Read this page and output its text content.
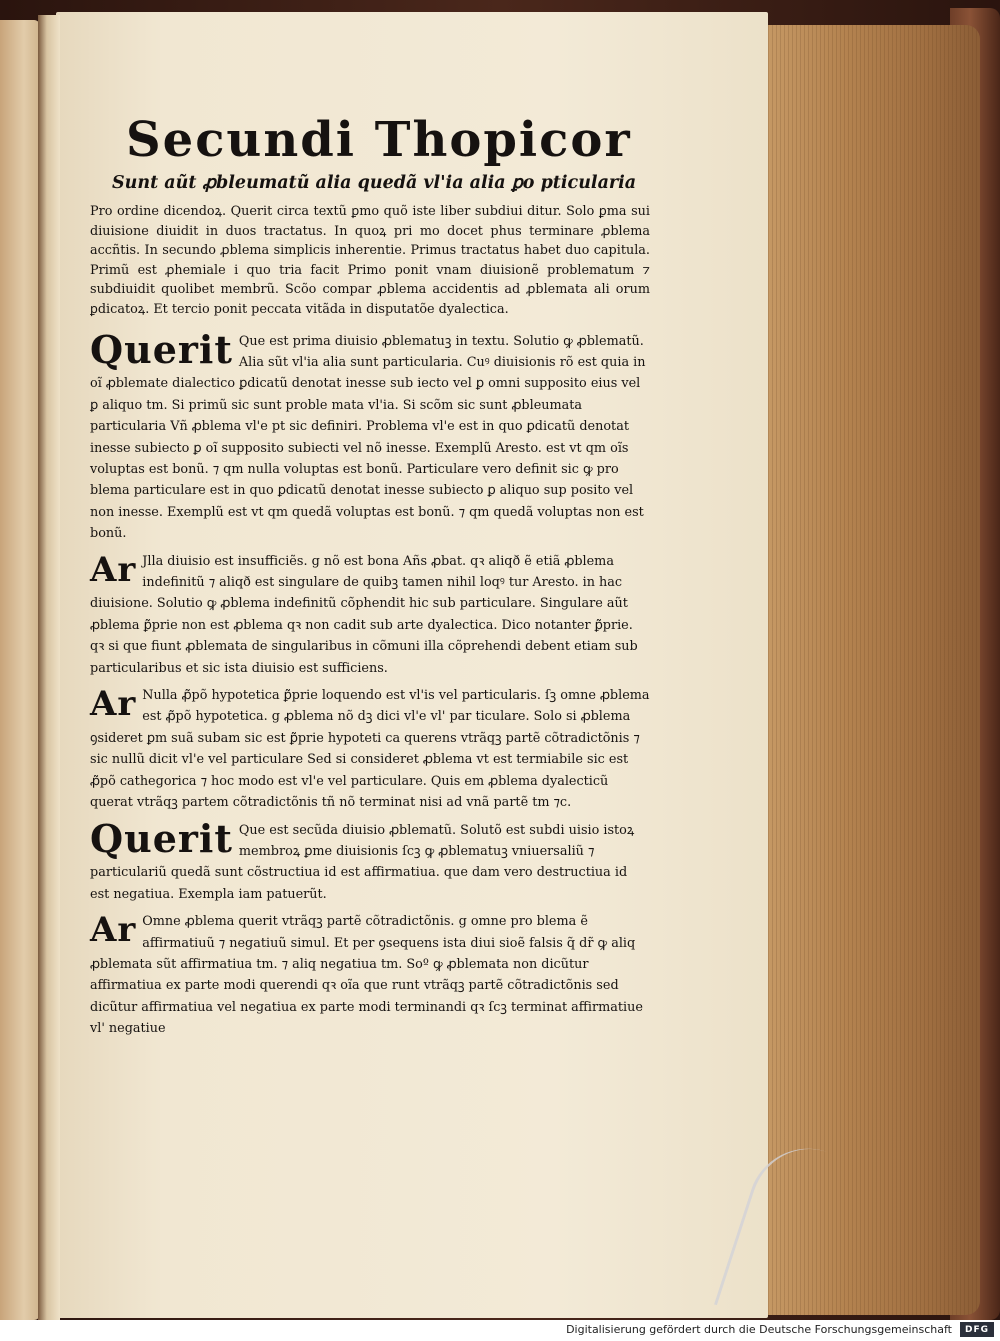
Secundi Thopicor
Sunt aũt ꝓbleumatũ alia quedã vl'ia alia ꝑo pticularia
Pro ordine dicendoꝝ. Querit circa textũ ꝑmo quõ iste liber subdiui ditur. Solo ꝑma sui diuisione diuidit in duos tractatus. In quoꝝ pri mo docet phus terminare ꝓblema accñtis. In secundo ꝓblema simplicis inherentie. Primus tractatus habet duo capitula. Primũ est ꝓhemiale i quo tria facit Primo ponit vnam diuisionẽ problematum ⁊ subdiuidit quolibet membrũ. Scõo compar ꝓblema accidentis ad ꝓblemata ali orum ꝑdicatoꝝ. Et tercio ponit peccata vitãda in disputatõe dyalectica.
Querit Que est prima diuisio ꝓblematuꝫ in textu. Solutio ꝙ ꝓblematũ. Alia sũt vl'ia alia sunt particularia. Cuꝰ diuisionis rõ est quia in oĩ ꝓblemate dialectico ꝑdicatũ denotat inesse sub iecto vel ꝑ omni supposito eius vel ꝑ aliquo tm. Si primũ sic sunt proble mata vl'ia. Si scõm sic sunt ꝓbleumata particularia Vñ ꝓblema vl'e pt sic definiri. Problema vl'e est in quo ꝑdicatũ denotat inesse subiecto ꝑ oĩ supposito subiecti vel nõ inesse. Exemplũ Aresto. est vt qm oĩs voluptas est bonũ. ⁊ qm nulla voluptas est bonũ. Particulare vero definit sic ꝙ pro blema particulare est in quo ꝑdicatũ denotat inesse subiecto ꝑ aliquo sup posito vel non inesse. Exemplũ est vt qm quedã voluptas est bonũ. ⁊ qm quedã voluptas non est bonũ.
Ar Jlla diuisio est insufficiẽs. g nõ est bona Añs ꝓbat. qꝛ aliqð ẽ etiã ꝓblema indefinitũ ⁊ aliqð est singulare de quibꝫ tamen nihil loqꝰ tur Aresto. in hac diuisione. Solutio ꝙ ꝓblema indefinitũ cõphendit hic sub particulare. Singulare aũt ꝓblema ꝑ̃prie non est ꝓblema qꝛ non cadit sub arte dyalectica. Dico notanter ꝑ̃prie. qꝛ si que fiunt ꝓblemata de singularibus in cõmuni illa cõprehendi debent etiam sub particularibus et sic ista diuisio est sufficiens.
Ar Nulla ꝓ̃põ hypotetica ꝑ̃prie loquendo est vl'is vel particularis. ſꝫ omne ꝓblema est ꝓ̃põ hypotetica. g ꝓblema nõ dꝫ dici vl'e vl' par ticulare. Solo si ꝓblema ꝯsideret ꝑm suã subam sic est ꝑ̃prie hypoteti ca querens vtrãqꝫ partẽ cõtradictõnis ⁊ sic nullũ dicit vl'e vel particulare Sed si consideret ꝓblema vt est termiabile sic est ꝓ̃põ cathegorica ⁊ hoc modo est vl'e vel particulare. Quis em ꝓblema dyalecticũ querat vtrãqꝫ partem cõtradictõnis tñ nõ terminat nisi ad vnã partẽ tm ⁊c.
Querit Que est secũda diuisio ꝓblematũ. Solutõ est subdi uisio istoꝝ membroꝝ ꝑme diuisionis ſcꝫ ꝙ ꝓblematuꝫ vniuersaliũ ⁊ particulariũ quedã sunt cõstructiua id est affirmatiua. que dam vero destructiua id est negatiua. Exempla iam patuerũt.
Ar Omne ꝓblema querit vtrãqꝫ partẽ cõtradictõnis. g omne pro blema ẽ affirmatiuũ ⁊ negatiuũ simul. Et per ꝯsequens ista diui sioẽ falsis q̃ dr̃ ꝙ aliq ꝓblemata sũt affirmatiua tm. ⁊ aliq negatiua tm. Soº ꝙ ꝓblemata non dicũtur affirmatiua ex parte modi querendi qꝛ oĩa que runt vtrãqꝫ partẽ cõtradictõnis sed dicũtur affirmatiua vel negatiua ex parte modi terminandi qꝛ ſcꝫ terminat affirmatiue vl' negatiue
Digitalisierung gefördert durch die Deutsche Forschungsgemeinschaft	DFG
